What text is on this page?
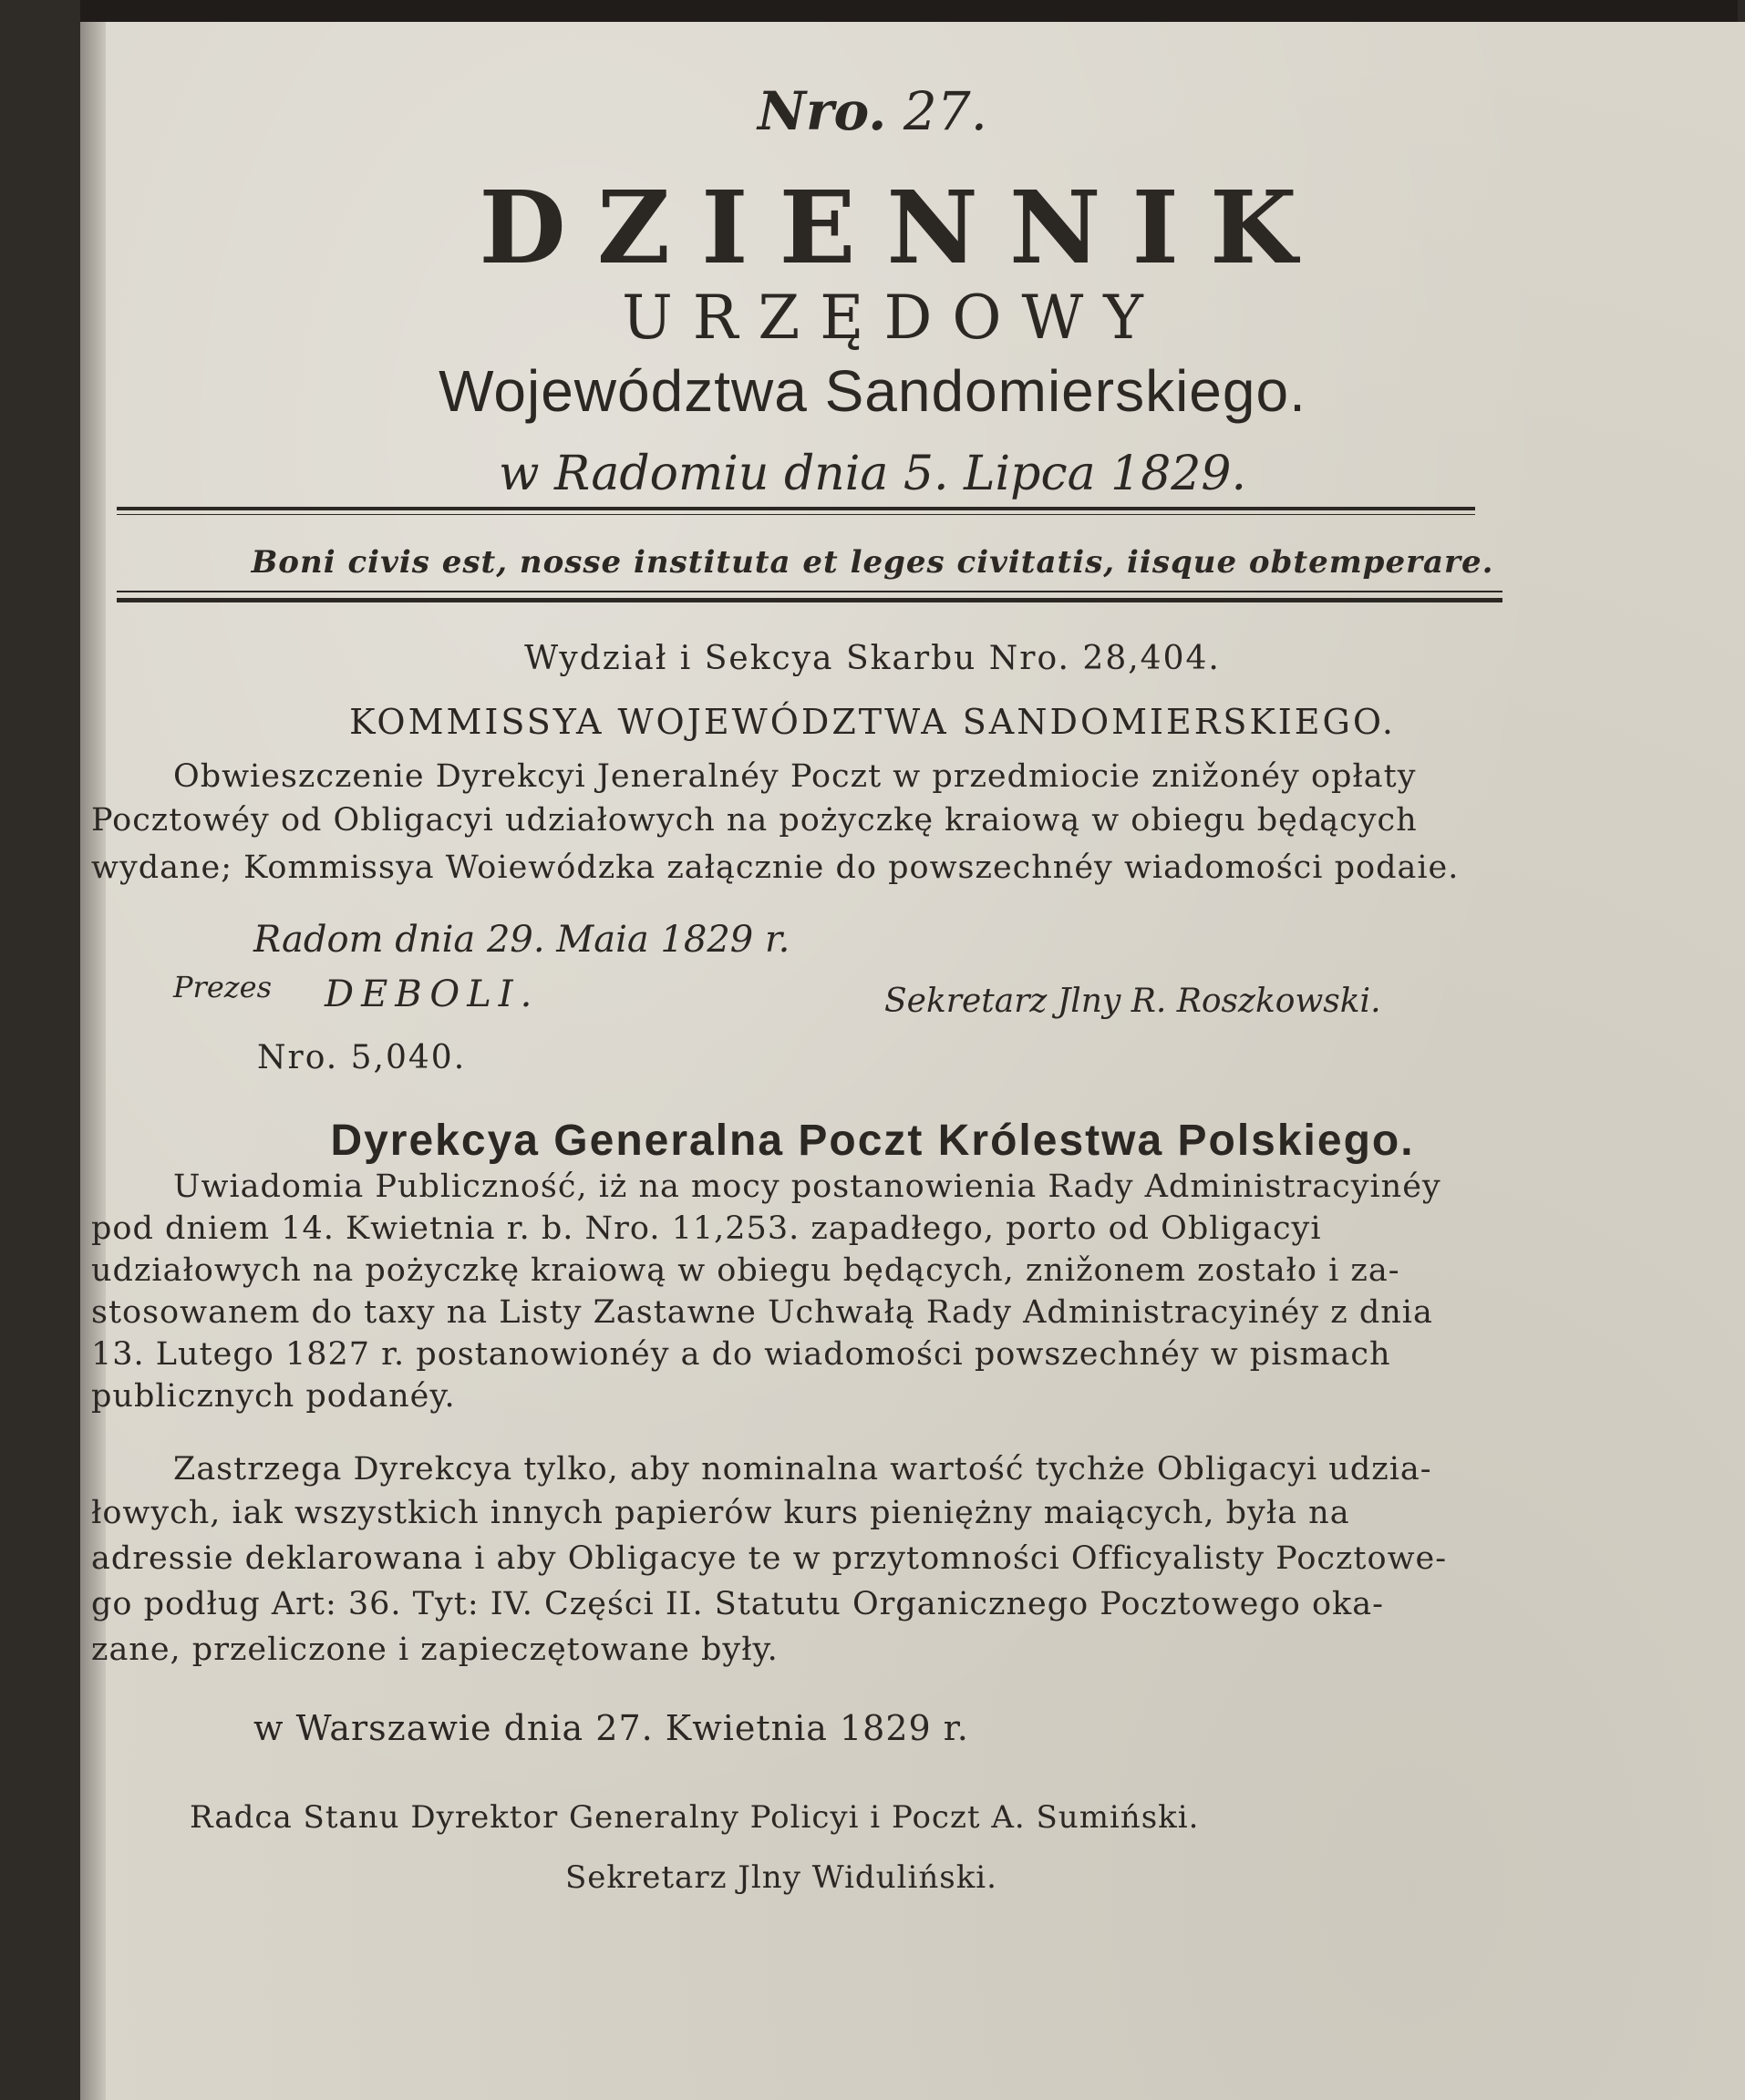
Nro. 27.
DZIENNIK
URZĘDOWY
Województwa Sandomierskiego.
w Radomiu dnia 5. Lipca 1829.
Boni civis est, nosse instituta et leges civitatis, iisque obtemperare.
Wydział i Sekcya Skarbu Nro. 28,404.
KOMMISSYA WOJEWÓDZTWA SANDOMIERSKIEGO.
Obwieszczenie Dyrekcyi Jeneralnéy Poczt w przedmiocie znižonéy opłaty
Pocztowéy od Obligacyi udziałowych na pożyczkę kraiową w obiegu będących
wydane; Kommissya Woiewódzka załącznie do powszechnéy wiadomości podaie.
Radom dnia 29. Maia 1829 r.
Prezes DEBOLI.	Sekretarz Jlny R. Roszkowski.
Nro. 5,040.
Dyrekcya Generalna Poczt Królestwa Polskiego.
Uwiadomia Publiczność, iż na mocy postanowienia Rady Administracyinéy
pod dniem 14. Kwietnia r. b. Nro. 11,253. zapadłego, porto od Obligacyi
udziałowych na pożyczkę kraiową w obiegu będących, znižonem zostało i za-
stosowanem do taxy na Listy Zastawne Uchwałą Rady Administracyinéy z dnia
13. Lutego 1827 r. postanowionéy a do wiadomości powszechnéy w pismach
publicznych podanéy.
Zastrzega Dyrekcya tylko, aby nominalna wartość tychże Obligacyi udzia-
łowych, iak wszystkich innych papierów kurs pieniężny maiących, była na
adressie deklarowana i aby Obligacye te w przytomności Officyalisty Pocztowe-
go podług Art: 36. Tyt: IV. Części II. Statutu Organicznego Pocztowego oka-
zane, przeliczone i zapieczętowane były.
w Warszawie dnia 27. Kwietnia 1829 r.
Radca Stanu Dyrektor Generalny Policyi i Poczt A. Sumiński.
Sekretarz Jlny Widuliński.
